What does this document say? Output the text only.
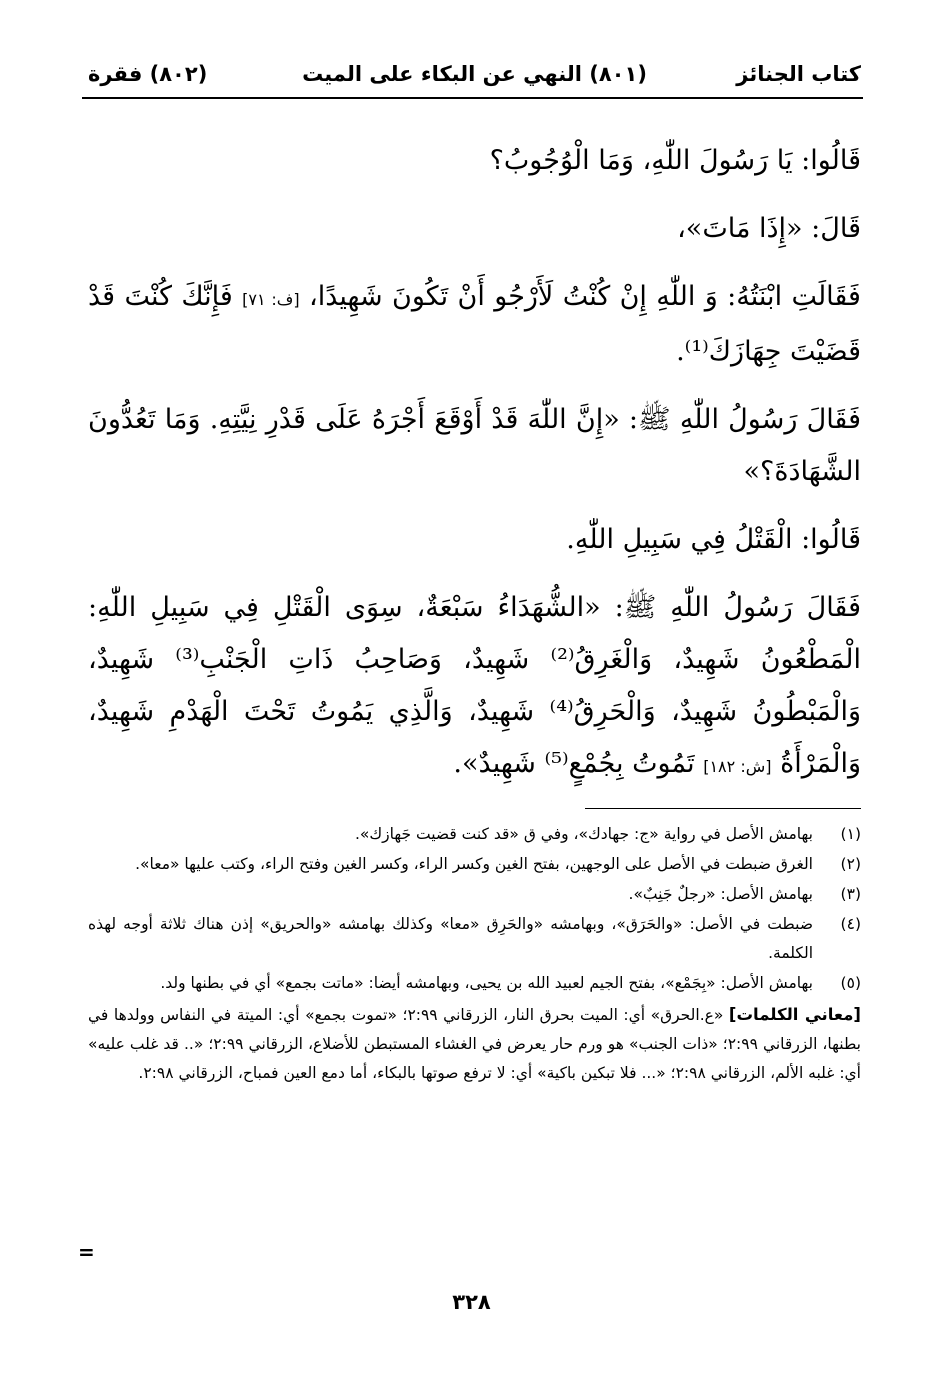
كتاب الجنائز
(٨٠١) النهي عن البكاء على الميت
(٨٠٢) فقرة

قَالُوا: يَا رَسُولَ اللّٰهِ، وَمَا الْوُجُوبُ؟

قَالَ: «إِذَا مَاتَ»،

فَقَالَتِ ابْنَتُهُ: وَ اللّٰهِ إِنْ كُنْتُ لَأَرْجُو أَنْ تَكُونَ شَهِيدًا، [ف: ٧١] فَإِنَّكَ كُنْتَ قَدْ قَضَيْتَ جِهَازَكَ⁽¹⁾.

فَقَالَ رَسُولُ اللّٰهِ ﷺ: «إِنَّ اللّٰهَ قَدْ أَوْقَعَ أَجْرَهُ عَلَى قَدْرِ نِيَّتِهِ. وَمَا تَعُدُّونَ الشَّهَادَةَ؟»

قَالُوا: الْقَتْلُ فِي سَبِيلِ اللّٰهِ.

فَقَالَ رَسُولُ اللّٰهِ ﷺ: «الشُّهَدَاءُ سَبْعَةٌ، سِوَى الْقَتْلِ فِي سَبِيلِ اللّٰهِ: الْمَطْعُونُ شَهِيدٌ، وَالْغَرِقُ⁽²⁾ شَهِيدٌ، وَصَاحِبُ ذَاتِ الْجَنْبِ⁽³⁾ شَهِيدٌ، وَالْمَبْطُونُ شَهِيدٌ، وَالْحَرِقُ⁽⁴⁾ شَهِيدٌ، وَالَّذِي يَمُوتُ تَحْتَ الْهَدْمِ شَهِيدٌ، وَالْمَرْأَةُ [ش: ١٨٢] تَمُوتُ بِجُمْعٍ⁽⁵⁾ شَهِيدٌ».

(١)
بهامش الأصل في رواية «ج: جهادك»، وفي ق «قد كنت قضيت جَهازك».
(٢)
الغرق ضبطت في الأصل على الوجهين، بفتح الغين وكسر الراء، وكسر الغين وفتح الراء، وكتب عليها «معا».
(٣)
بهامش الأصل: «رجلٌ جَنِبٌ».
(٤)
ضبطت في الأصل: «والحَرَق»، وبهامشه «والحَرِق «معا» وكذلك بهامشه «والحريق» إذن هناك ثلاثة أوجه لهذه الكلمة.
(٥)
بهامش الأصل: «بِجَمْع»، بفتح الجيم لعبيد الله بن يحيى، وبهامشه أيضا: «ماتت بجمع» أي في بطنها ولد.
[معاني الكلمات] «ع.الحرق» أي: الميت بحرق النار، الزرقاني ٢:٩٩؛ «تموت بجمع» أي: الميتة في النفاس وولدها في بطنها، الزرقاني ٢:٩٩؛ «ذات الجنب» هو ورم حار يعرض في الغشاء المستبطن للأضلاع، الزرقاني ٢:٩٩؛ «.. قد غلب عليه» أي: غلبه الألم، الزرقاني ٢:٩٨؛ «... فلا تبكين باكية» أي: لا ترفع صوتها بالبكاء، أما دمع العين فمباح، الزرقاني ٢:٩٨.
=
٣٢٨
